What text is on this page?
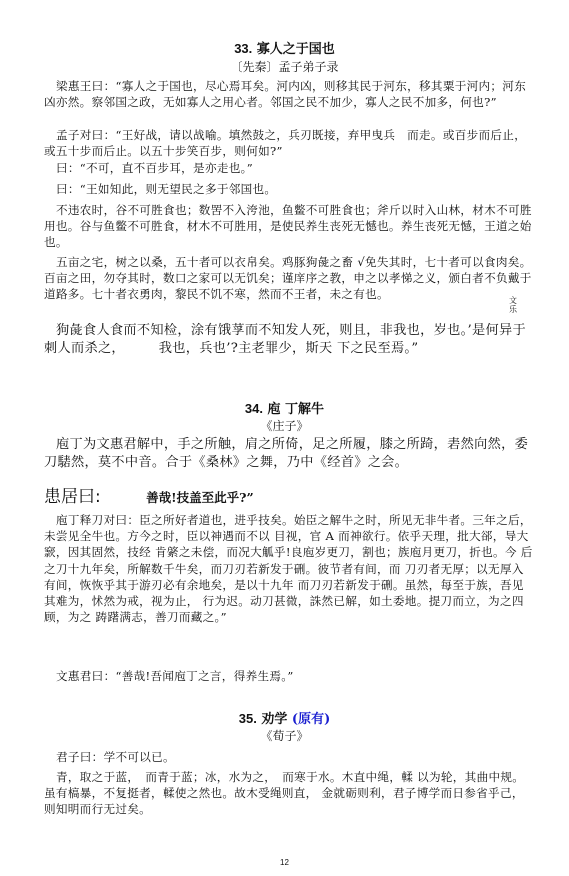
33. 寡人之于国也
〔先秦〕孟子弟子录
梁惠王曰：“寡人之于国也，尽心焉耳矣。河内凶，则移其民于河东，移其粟于河内；河东凶亦然。察邻国之政，无如寡人之用心者。邻国之民不加少，寡人之民不加多，何也?”
孟子对曰：“王好战，请以战喻。填然鼓之，兵刃既接，弃甲曳兵　而走。或百步而后止，或五十步而后止。以五十步笑百步，则何如?”
曰：“不可，直不百步耳，是亦走也。”
曰：“王如知此，则无望民之多于邻国也。
不违农时，谷不可胜食也；数罟不入洿池，鱼鳖不可胜食也；斧斤以时入山林，材木不可胜用也。谷与鱼鳖不可胜食，材木不可胜用，是使民养生丧死无憾也。养生丧死无憾，王道之始也。
五亩之宅，树之以桑，五十者可以衣帛矣。鸡豚狗彘之畜 √免失其时，七十者可以食肉矣。百亩之田，勿夺其时，数口之家可以无饥矣；谨庠序之教，申之以孝悌之义，颁白者不负戴于道路多。七十者衣勇肉，黎民不饥不寒，然而不王者，未之有也。
狗彘食人食而不知检，涂有饿莩而不知发人死，则且，非我也，岁也。’是何异于刺人而杀之，　　　我也，兵也’?主老罪少，斯天 下之民至焉。”
文
乐
34. 庖 丁解牛
《庄子》
庖丁为文惠君解中，手之所触，肩之所倚，足之所履，膝之所踦，砉然向然，委刀騞然，莫不中音。合于《桑林》之舞，乃中《经首》之会。
患居曰:	善哉!技盖至此乎?”
庖丁释刀对曰：臣之所好者道也，进乎技矣。始臣之解牛之时，所见无非牛者。三年之后，未尝见全牛也。方今之时，臣以神遇而不以 目视，官 A 而神欲行。依乎天理，批大郤，导大窾，因其固然，技经 肯綮之未偿，而况大觚乎!良庖岁更刀，割也；族庖月更刀，折也。今 后之刀十九年矣，所解数千牛矣，而刀刃若新发于硎。彼节者有间，而 刀刃者无厚；以无厚入有间，恢恢乎其于游刃必有余地矣，是以十九年 而刀刃若新发于硎。虽然，每至于族，吾见其难为，怵然为戒，视为止， 行为迟。动刀甚微，誅然已解，如土委地。提刀而立，为之四顾，为之 踌躇满志，善刀而藏之。”
文惠君曰：“善哉!吾闻庖丁之言，得养生焉。”
35. 劝学 (原有)
《荀子》
君子曰：学不可以已。
青，取之于蓝，　而青于蓝；冰，水为之，　而寒于水。木直中绳，輮 以为轮，其曲中规。虽有槁暴，不复挺者，輮使之然也。故木受绳则直， 金就砺则利，君子博学而日参省乎己，则知明而行无过矣。
12
